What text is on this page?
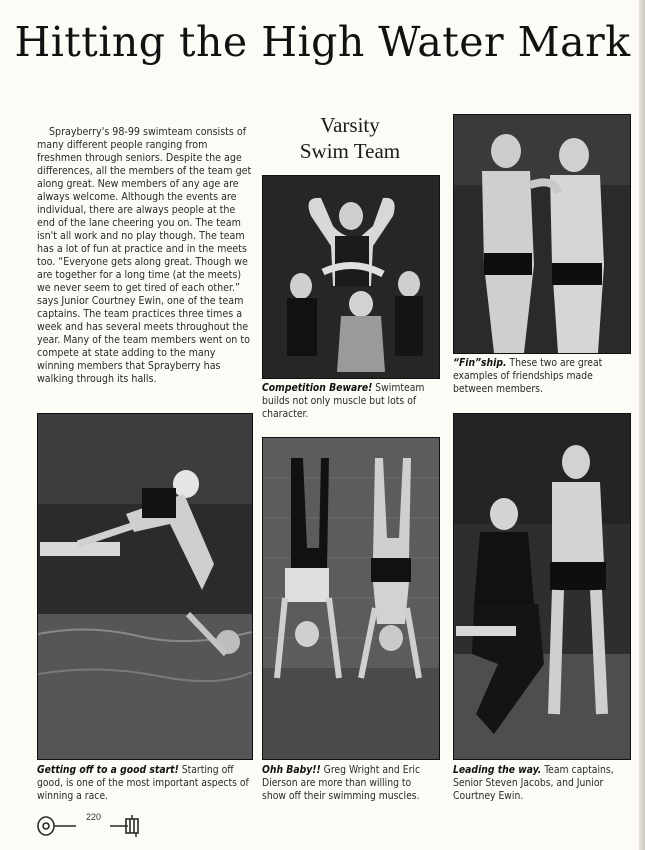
Hitting the High Water Mark

Sprayberry's 98-99 swimteam consists of many different people ranging from freshmen through seniors. Despite the age differences, all the members of the team get along great. New members of any age are always welcome. Although the events are individual, there are always people at the end of the lane cheering you on. The team isn't all work and no play though. The team has a lot of fun at practice and in the meets too. “Everyone gets along great. Though we are together for a long time (at the meets) we never seem to get tired of each other.” says Junior Courtney Ewin, one of the team captains. The team practices three times a week and has several meets throughout the year. Many of the team members went on to compete at state adding to the many winning members that Sprayberry has walking through its halls.

Varsity
Swim Team

Competition Beware! Swimteam builds not only muscle but lots of character.

“Fin”ship. These two are great examples of friendships made between members.

Getting off to a good start! Starting off good, is one of the most important aspects of winning a race.

Ohh Baby!! Greg Wright and Eric Dierson are more than willing to show off their swimming muscles.

Leading the way. Team captains, Senior Steven Jacobs, and Junior Courtney Ewin.

220
